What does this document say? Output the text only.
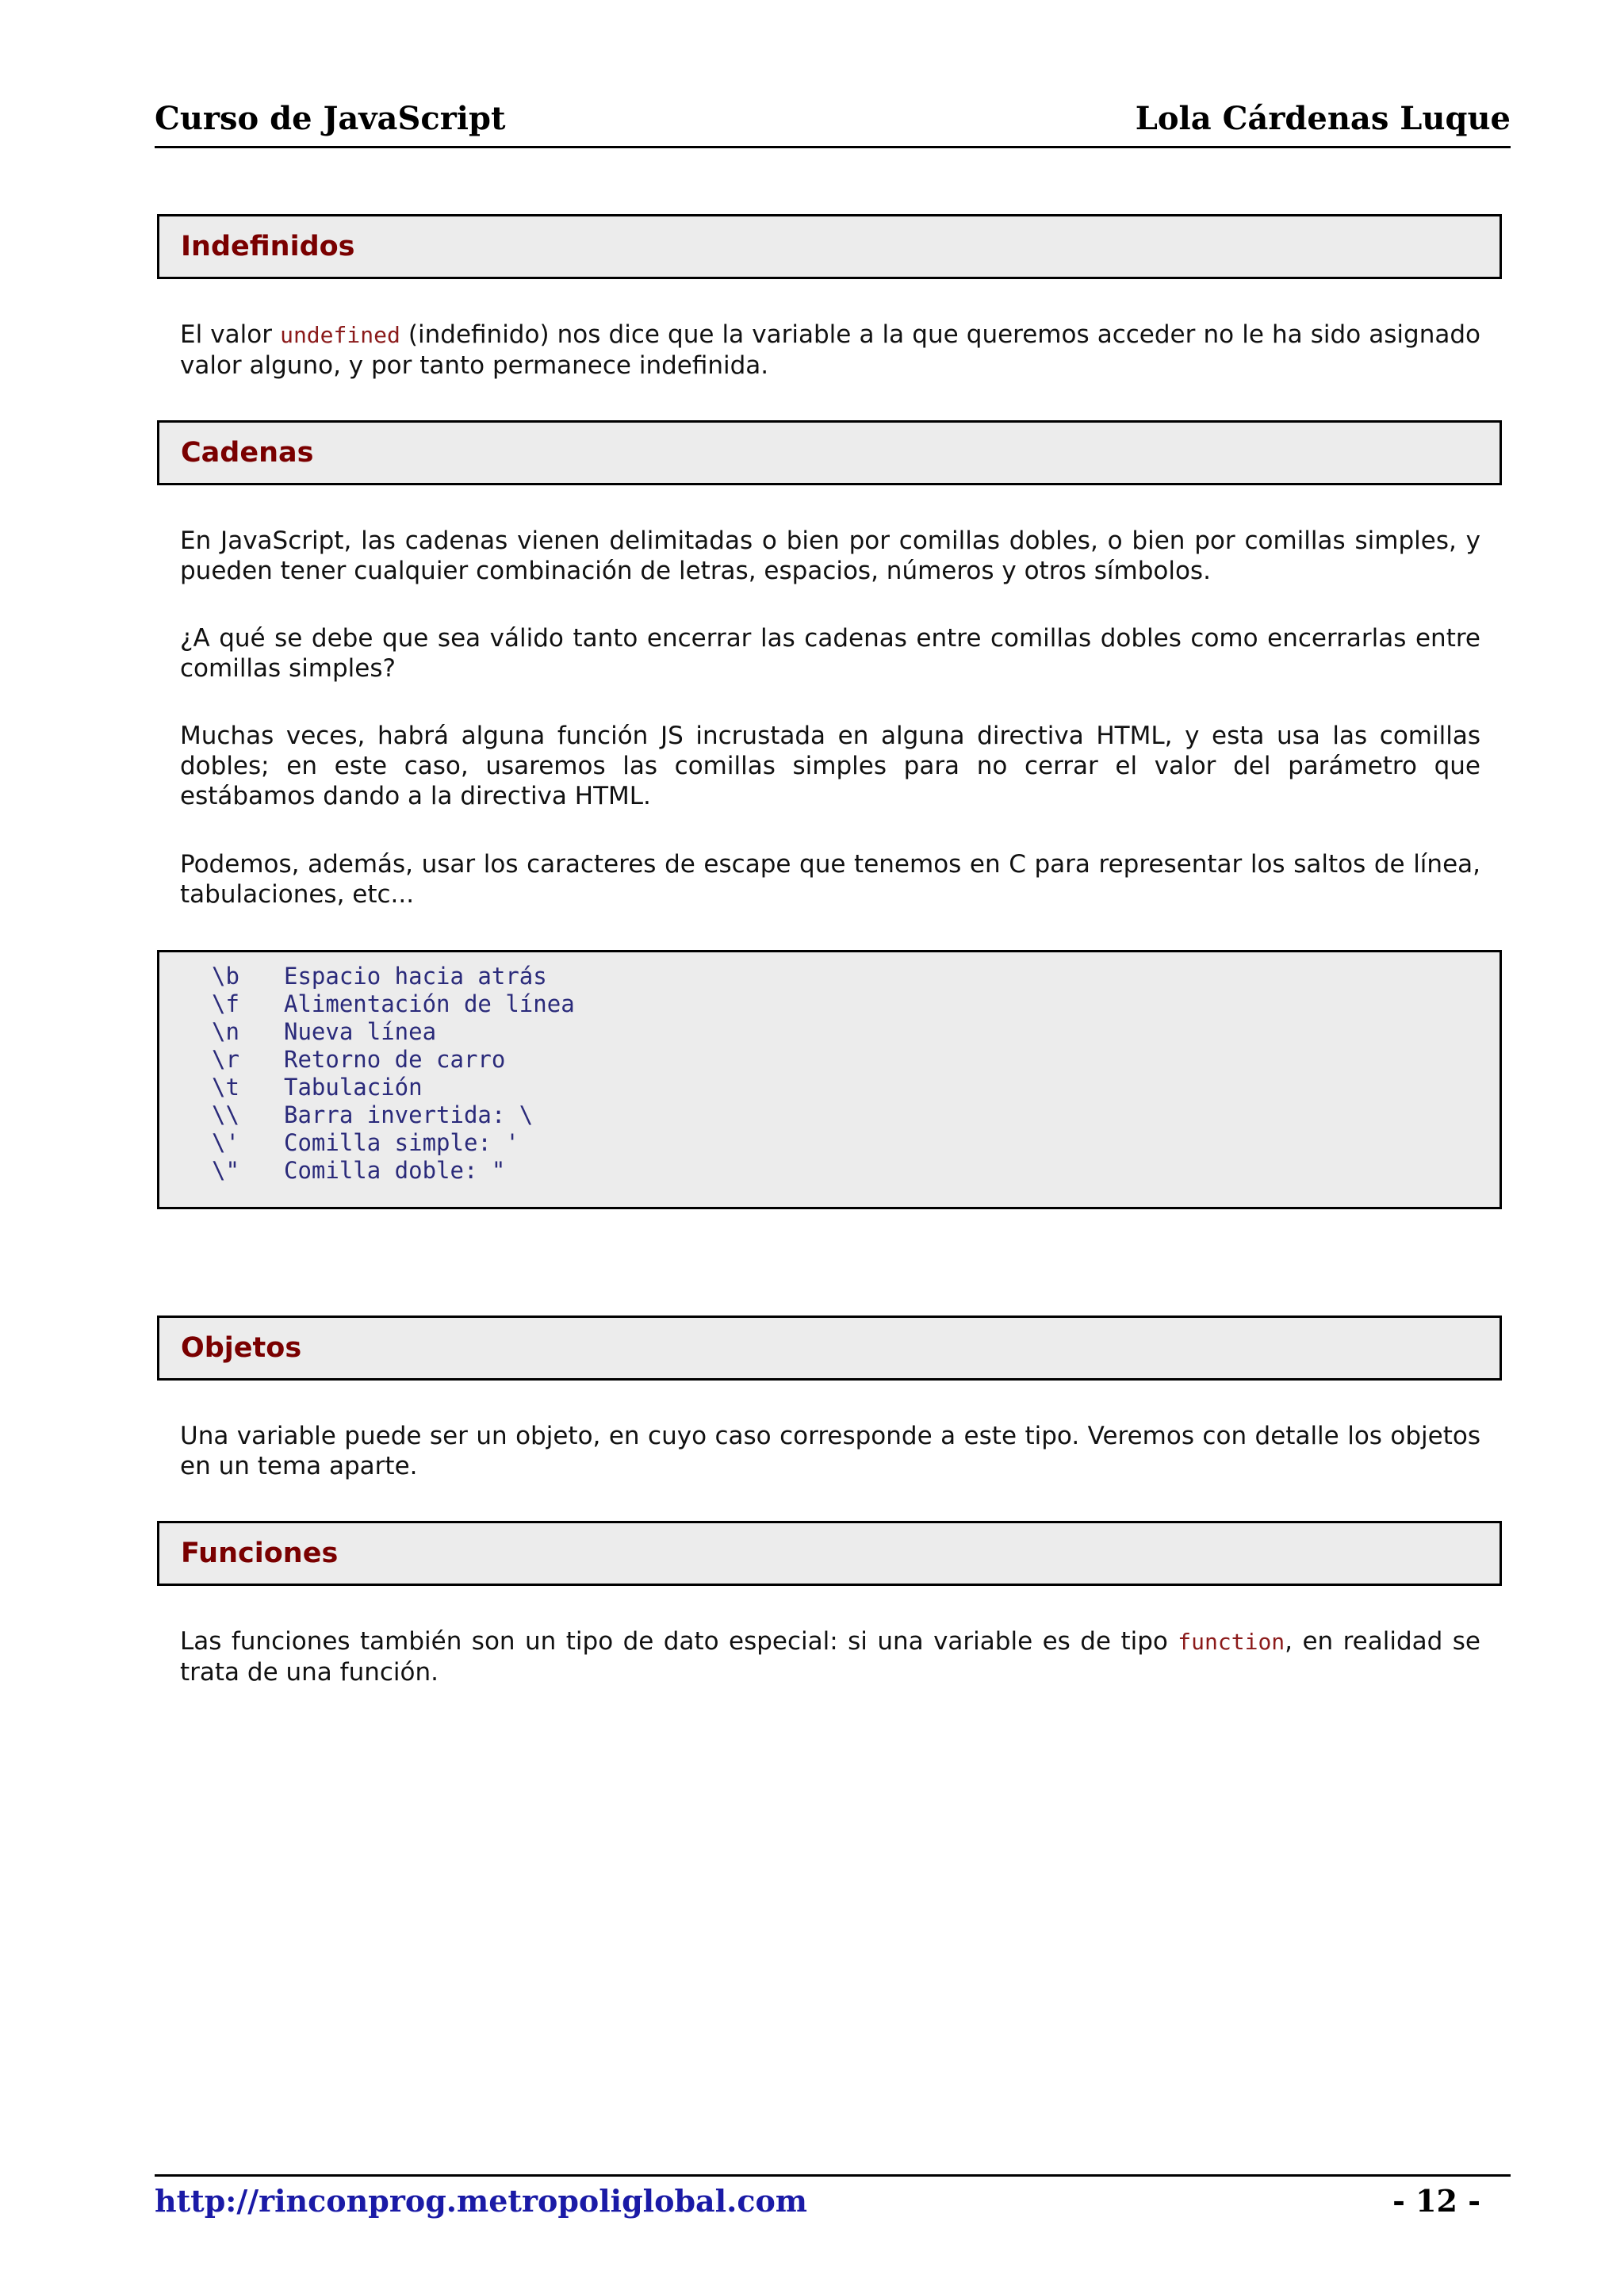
Curso de JavaScript	Lola Cárdenas Luque
Indefinidos

El valor undefined (indefinido) nos dice que la variable a la que queremos acceder no le ha sido asignado valor alguno, y por tanto permanece indefinida.

Cadenas

En JavaScript, las cadenas vienen delimitadas o bien por comillas dobles, o bien por comillas simples, y pueden tener cualquier combinación de letras, espacios, números y otros símbolos.

¿A qué se debe que sea válido tanto encerrar las cadenas entre comillas dobles como encerrarlas entre comillas simples?

Muchas veces, habrá alguna función JS incrustada en alguna directiva HTML, y esta usa las comillas dobles; en este caso, usaremos las comillas simples para no cerrar el valor del parámetro que estábamos dando a la directiva HTML.

Podemos, además, usar los caracteres de escape que tenemos en C para representar los saltos de línea, tabulaciones, etc...

\b Espacio hacia atrás
\f Alimentación de línea
\n Nueva línea
\r Retorno de carro
\t Tabulación
\\ Barra invertida: \
\' Comilla simple: '
\" Comilla doble: "
Objetos

Una variable puede ser un objeto, en cuyo caso corresponde a este tipo. Veremos con detalle los objetos en un tema aparte.

Funciones

Las funciones también son un tipo de dato especial: si una variable es de tipo function, en realidad se trata de una función.

http://rinconprog.metropoliglobal.com	- 12 -
